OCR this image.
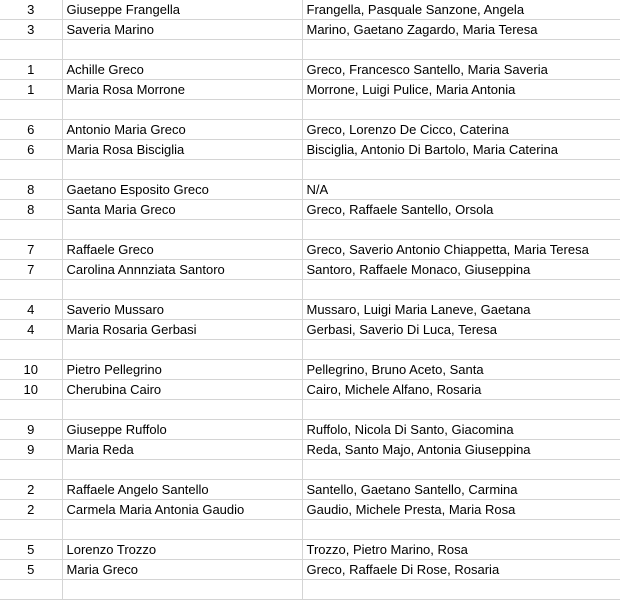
3	Giuseppe Frangella	Frangella, Pasquale Sanzone, Angela
3	Saveria Marino	Marino, Gaetano Zagardo, Maria Teresa

1	Achille Greco	Greco, Francesco Santello, Maria Saveria
1	Maria Rosa Morrone	Morrone, Luigi Pulice, Maria Antonia

6	Antonio Maria Greco	Greco, Lorenzo De Cicco, Caterina
6	Maria Rosa Bisciglia	Bisciglia, Antonio Di Bartolo, Maria Caterina

8	Gaetano Esposito Greco	N/A
8	Santa Maria Greco	Greco, Raffaele Santello, Orsola

7	Raffaele Greco	Greco, Saverio Antonio Chiappetta, Maria Teresa
7	Carolina Annnziata Santoro	Santoro, Raffaele Monaco, Giuseppina

4	Saverio Mussaro	Mussaro, Luigi Maria Laneve, Gaetana
4	Maria Rosaria Gerbasi	Gerbasi, Saverio Di Luca, Teresa

10	Pietro Pellegrino	Pellegrino, Bruno Aceto, Santa
10	Cherubina Cairo	Cairo, Michele Alfano, Rosaria

9	Giuseppe Ruffolo	Ruffolo, Nicola Di Santo, Giacomina
9	Maria Reda	Reda, Santo Majo, Antonia Giuseppina

2	Raffaele Angelo Santello	Santello, Gaetano Santello, Carmina
2	Carmela Maria Antonia Gaudio	Gaudio, Michele Presta, Maria Rosa

5	Lorenzo Trozzo	Trozzo, Pietro Marino, Rosa
5	Maria Greco	Greco, Raffaele Di Rose, Rosaria
